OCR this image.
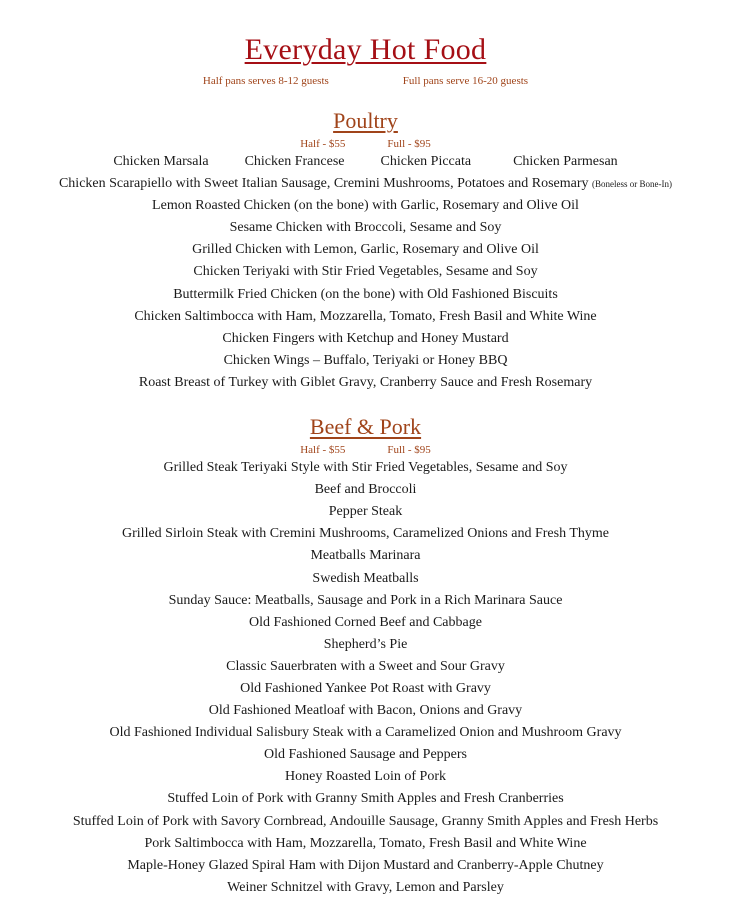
Everyday Hot Food
Half pans serves 8-12 guests	Full pans serve 16-20 guests
Poultry
Half - $55	Full - $95
Chicken Marsala	Chicken Francese	Chicken Piccata	Chicken Parmesan
Chicken Scarapiello with Sweet Italian Sausage, Cremini Mushrooms, Potatoes and Rosemary (Boneless or Bone-In)
Lemon Roasted Chicken (on the bone) with Garlic, Rosemary and Olive Oil
Sesame Chicken with Broccoli, Sesame and Soy
Grilled Chicken with Lemon, Garlic, Rosemary and Olive Oil
Chicken Teriyaki with Stir Fried Vegetables, Sesame and Soy
Buttermilk Fried Chicken (on the bone) with Old Fashioned Biscuits
Chicken Saltimbocca with Ham, Mozzarella, Tomato, Fresh Basil and White Wine
Chicken Fingers with Ketchup and Honey Mustard
Chicken Wings – Buffalo, Teriyaki or Honey BBQ
Roast Breast of Turkey with Giblet Gravy, Cranberry Sauce and Fresh Rosemary
Beef & Pork
Half - $55	Full - $95
Grilled Steak Teriyaki Style with Stir Fried Vegetables, Sesame and Soy
Beef and Broccoli
Pepper Steak
Grilled Sirloin Steak with Cremini Mushrooms, Caramelized Onions and Fresh Thyme
Meatballs Marinara
Swedish Meatballs
Sunday Sauce: Meatballs, Sausage and Pork in a Rich Marinara Sauce
Old Fashioned Corned Beef and Cabbage
Shepherd’s Pie
Classic Sauerbraten with a Sweet and Sour Gravy
Old Fashioned Yankee Pot Roast with Gravy
Old Fashioned Meatloaf with Bacon, Onions and Gravy
Old Fashioned Individual Salisbury Steak with a Caramelized Onion and Mushroom Gravy
Old Fashioned Sausage and Peppers
Honey Roasted Loin of Pork
Stuffed Loin of Pork with Granny Smith Apples and Fresh Cranberries
Stuffed Loin of Pork with Savory Cornbread, Andouille Sausage, Granny Smith Apples and Fresh Herbs
Pork Saltimbocca with Ham, Mozzarella, Tomato, Fresh Basil and White Wine
Maple-Honey Glazed Spiral Ham with Dijon Mustard and Cranberry-Apple Chutney
Weiner Schnitzel with Gravy, Lemon and Parsley
